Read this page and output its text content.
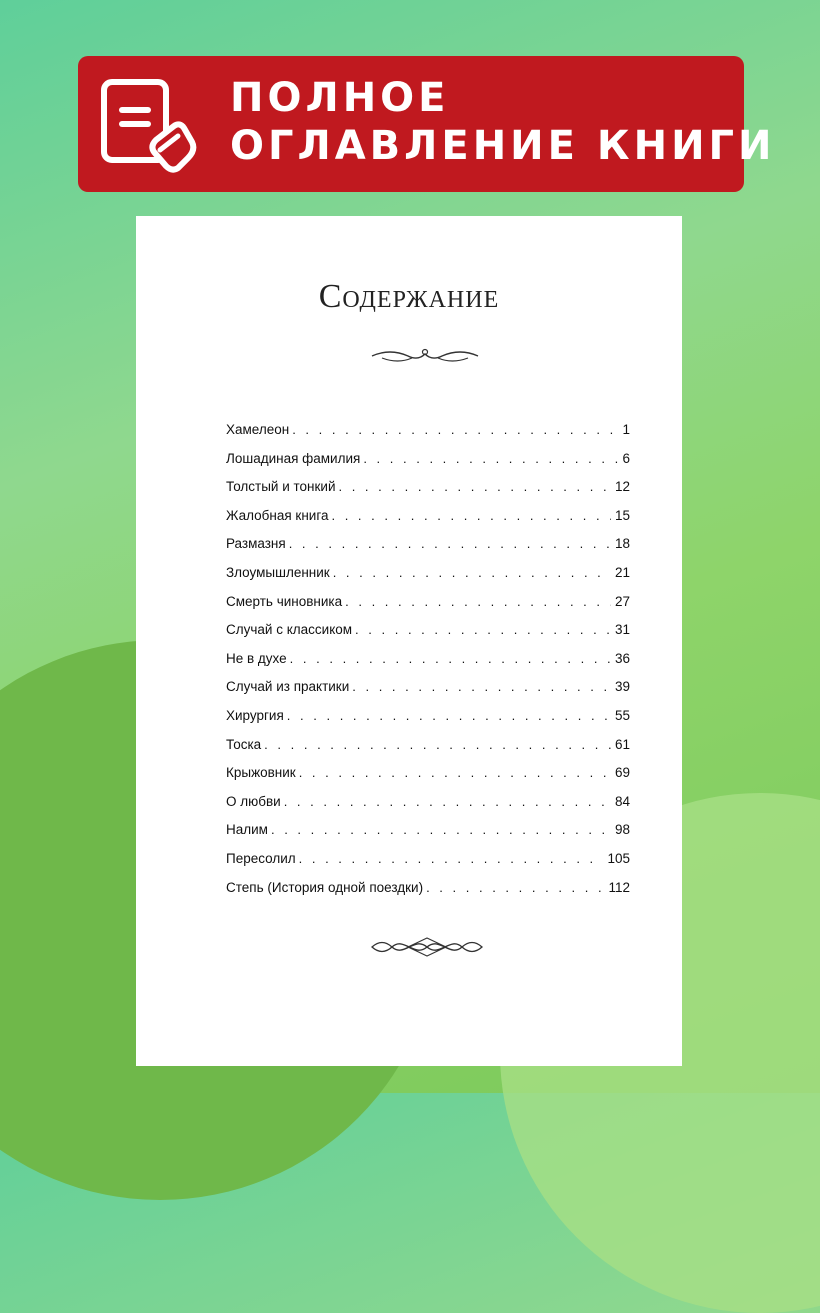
ПОЛНОЕ
ОГЛАВЛЕНИЕ КНИГИ
Содержание
Хамелеон . . .	1
Лошадиная фамилия . . .	6
Толстый и тонкий . . .	12
Жалобная книга . . .	15
Размазня . . .	18
Злоумышленник . . .	21
Смерть чиновника . . .	27
Случай с классиком . . .	31
Не в духе . . .	36
Случай из практики . . .	39
Хирургия . . .	55
Тоска . . .	61
Крыжовник . . .	69
О любви . . .	84
Налим . . .	98
Пересолил . . .	105
Степь (История одной поездки) . . .	112
